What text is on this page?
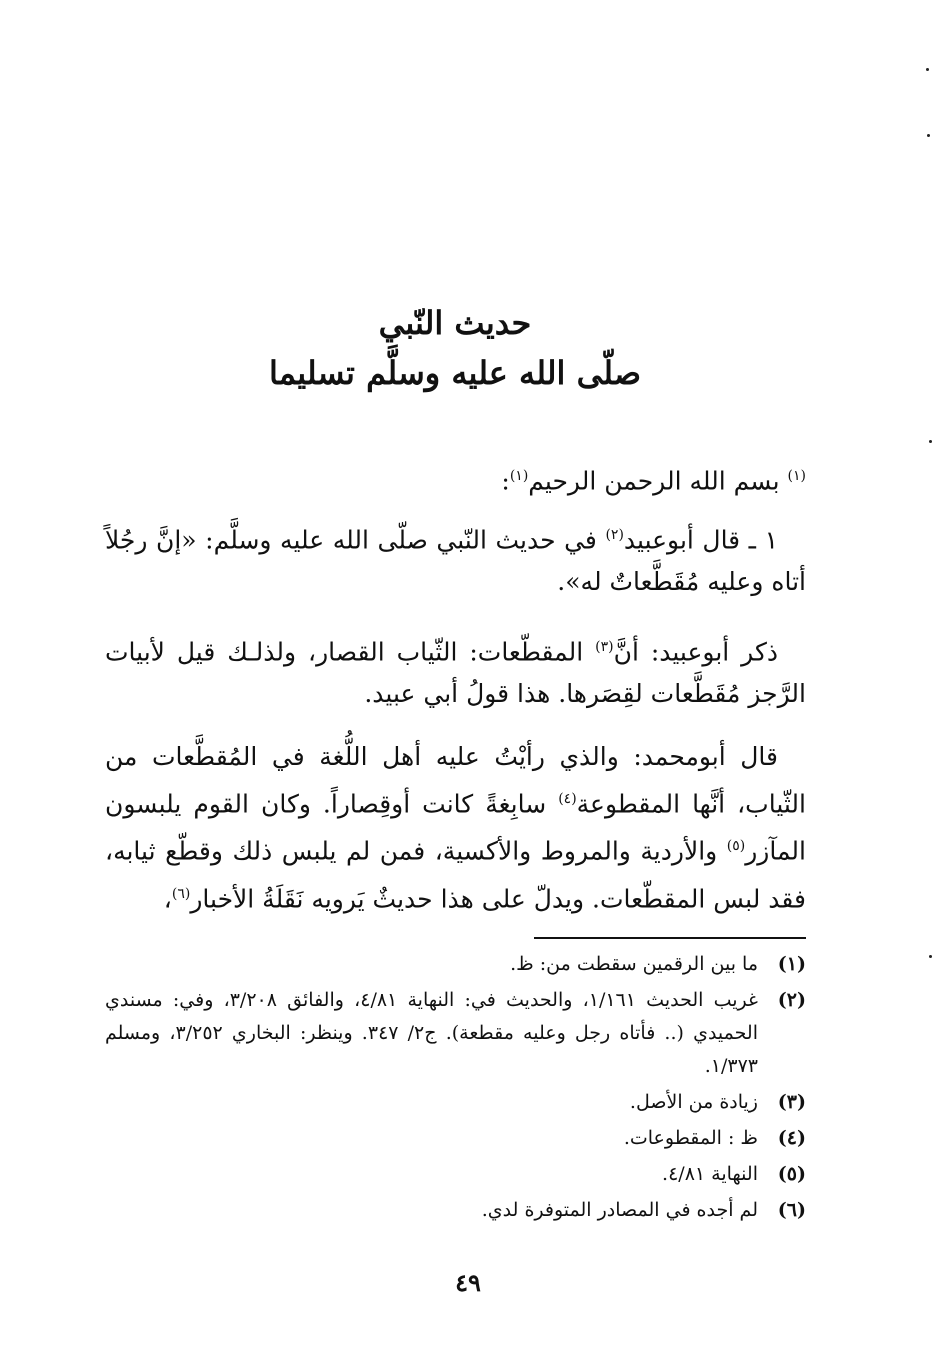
حديث النّبي

صلّى الله عليه وسلَّم تسليما

$^{(١)}$ بسم الله الرحمن الرحيم$^{(١)}$:
١ ـ قال أبوعبيد$^{(٢)}$ في حديث النّبي صلّى الله عليه وسلَّم: «إنَّ رجُلاً أتاه وعليه مُقَطَّعاتٌ له».
ذكر أبوعبيد: أنَّ$^{(٣)}$ المقطّعات: الثّياب القصار، ولذلـك قيل لأبيات الرَّجز مُقَطَّعات لقِصَرها. هذا قولُ أبي عبيد.
قال أبومحمد: والذي رأيْتُ عليه أهل اللُّغة في المُقطَّعات من الثّياب، أنَّها المقطوعة$^{(٤)}$ سابِغةً كانت أوقِصاراً. وكان القوم يلبسون المآزر$^{(٥)}$ والأردية والمروط والأكسية، فمن لم يلبس ذلك وقطّع ثيابه، فقد لبس المقطّعات. ويدلّ على هذا حديثٌ يَرويه نَقَلَةُ الأخبار$^{(٦)}$،
(١)
ما بين الرقمين سقطت من: ظ.
(٢)
غريب الحديث ١/١٦١، والحديث في: النهاية ٤/٨١، والفائق ٣/٢٠٨، وفي: مسندي الحميدي (.. فأتاه رجل وعليه مقطعة). ج٢/ ٣٤٧. وينظر: البخاري ٣/٢٥٢، ومسلم ١/٣٧٣.
(٣)
زيادة من الأصل.
(٤)
ظ : المقطوعات.
(٥)
النهاية ٤/٨١.
(٦)
لم أجده في المصادر المتوفرة لدي.
٤٩
